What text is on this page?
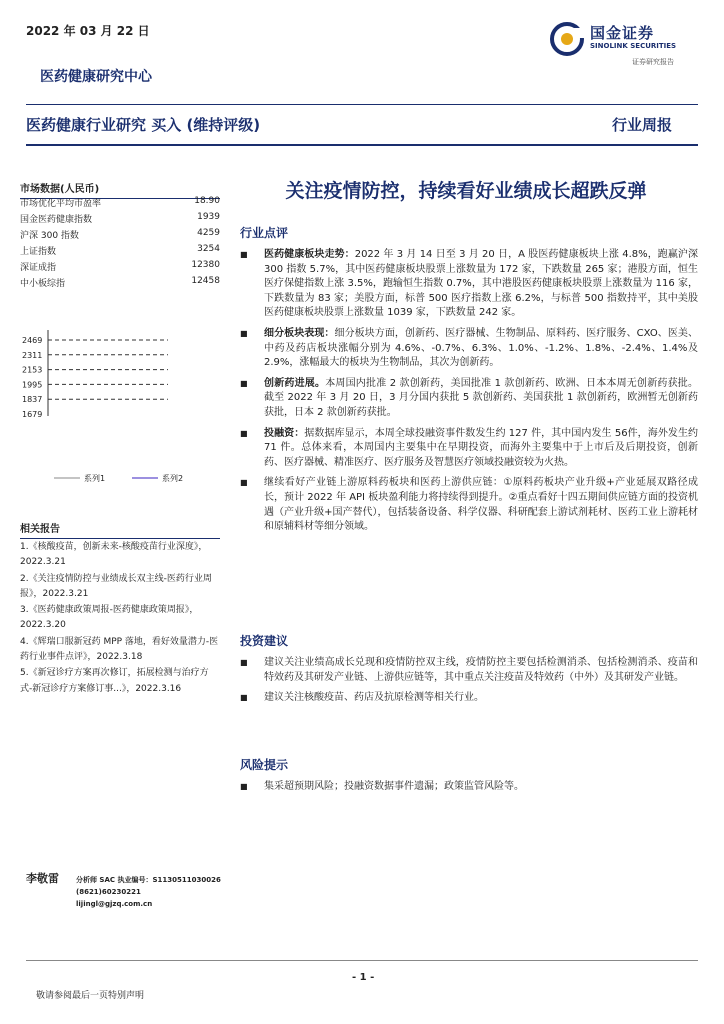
2022 年 03 月 22 日	国金证券
SINOLINK SECURITIES
证券研究报告
医药健康研究中心
医药健康行业研究 买入 (维持评级)	行业周报
市场数据(人民币)
市场优化平均市盈率	18.90
国金医药健康指数	1939
沪深 300 指数	4259
上证指数	3254
深证成指	12380
中小板综指	12458
2469
2311
2153
1995
1837
1679
系列1	系列2
相关报告
1.《核酸疫苗，创新未来-核酸疫苗行业深度》，2022.3.21
2.《关注疫情防控与业绩成长双主线-医药行业周报》，2022.3.21
3.《医药健康政策周报-医药健康政策周报》，2022.3.20
4.《辉瑞口服新冠药 MPP 落地，看好效量潜力-医药行业事件点评》，2022.3.18
5.《新冠诊疗方案再次修订，拓展检测与治疗方式-新冠诊疗方案修订事...》，2022.3.16
关注疫情防控，持续看好业绩成长超跌反弹
行业点评
■ 医药健康板块走势：2022 年 3 月 14 日至 3 月 20 日，A 股医药健康板块上涨 4.8%，跑赢沪深 300 指数 5.7%，其中医药健康板块股票上涨数量为 172 家，下跌数量 265 家；港股方面，恒生医疗保健指数上涨 3.5%，跑输恒生指数 0.7%，其中港股医药健康板块股票上涨数量为 116 家，下跌数量为 83 家；美股方面，标普 500 医疗指数上涨 6.2%，与标普 500 指数持平，其中美股医药健康板块股票上涨数量 1039 家，下跌数量 242 家。
■ 细分板块表现：细分板块方面，创新药、医疗器械、生物制品、原料药、医疗服务、CXO、医美、中药及药店板块涨幅分别为 4.6%、-0.7%、6.3%、1.0%、-1.2%、1.8%、-2.4%、1.4%及 2.9%，涨幅最大的板块为生物制品，其次为创新药。
■ 创新药进展。本周国内批准 2 款创新药，美国批准 1 款创新药、欧洲、日本本周无创新药获批。截至 2022 年 3 月 20 日，3 月分国内获批 5 款创新药、美国获批 1 款创新药，欧洲暂无创新药获批，日本 2 款创新药获批。
■ 投融资：据数据库显示，本周全球投融资事件数发生约 127 件，其中国内发生 56件，海外发生约71 件。总体来看，本周国内主要集中在早期投资，而海外主要集中于上市后及后期投资，创新药、医疗器械、精准医疗、医疗服务及智慧医疗领域投融资较为火热。
■ 继续看好产业链上游原料药板块和医药上游供应链：①原料药板块产业升级+产业延展双路径成长，预计 2022 年 API 板块盈利能力将持续得到提升。②重点看好十四五期间供应链方面的投资机遇（产业升级+国产替代），包括装备设备、科学仪器、科研配套上游试剂耗材、医药工业上游耗材和原辅料材等细分领域。
投资建议
■ 建议关注业绩高成长兑现和疫情防控双主线，疫情防控主要包括检测消杀、包括检测消杀、疫苗和特效药及其研发产业链、上游供应链等，其中重点关注疫苗及特效药（中外）及其研发产业链。
■ 建议关注核酸疫苗、药店及抗原检测等相关行业。
风险提示
■ 集采超预期风险；投融资数据事件遗漏；政策监管风险等。
李敬雷 分析师 SAC 执业编号：S1130511030026
(8621)60230221
lijingl@gjzq.com.cn
- 1 -
敬请参阅最后一页特别声明
